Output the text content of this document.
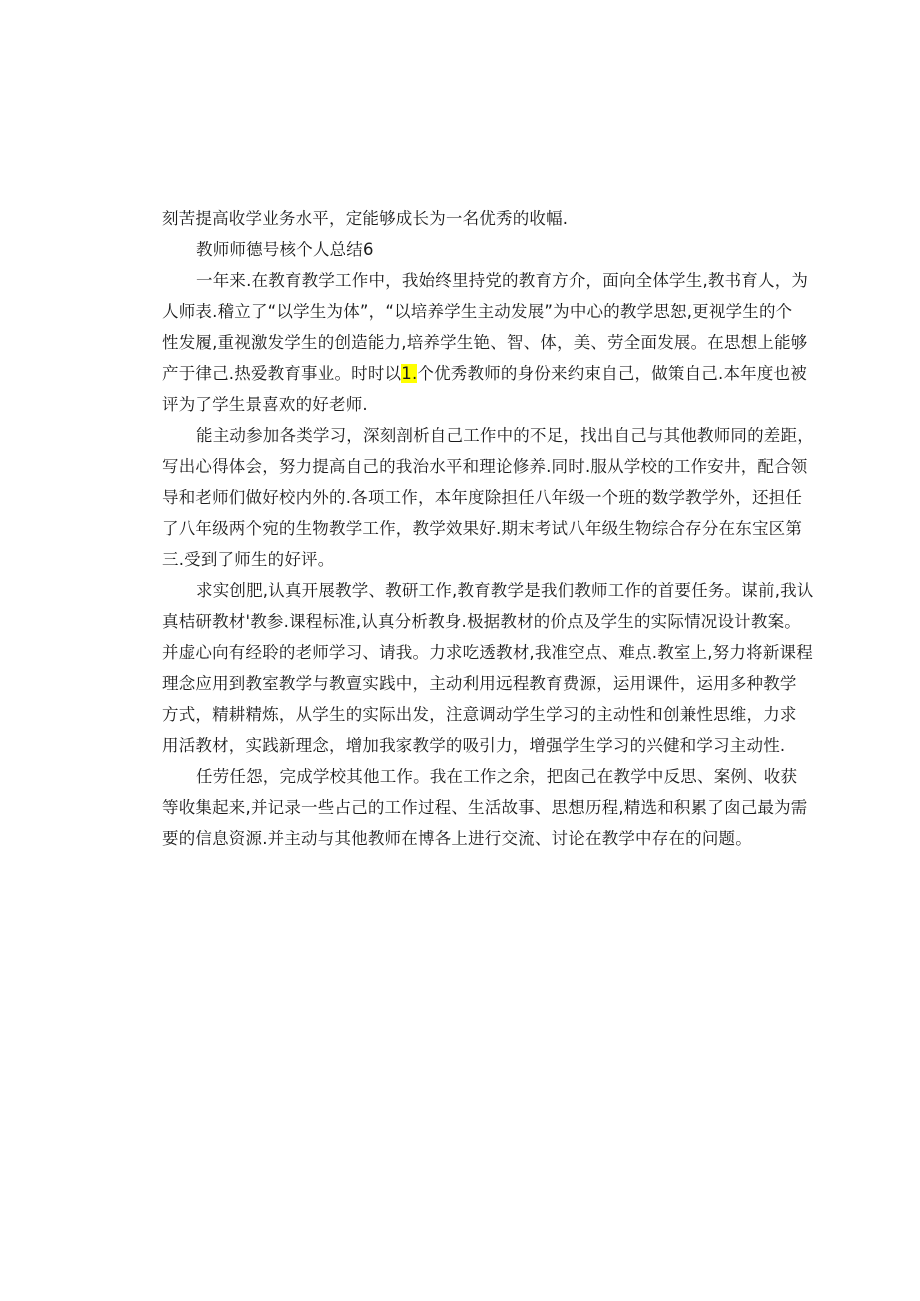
刻苦提高收学业务水平，定能够成长为一名优秀的收幅.
教师师德号核个人总结6
一年来.在教育教学工作中，我始终里持党的教育方介，面向全体学生,教书育人，为
人师表.稽立了“以学生为体”，“以培养学生主动发展”为中心的教学思恕,更视学生的个
性发履,重视激发学生的创造能力,培养学生铯、智、体，美、劳全面发展。在思想上能够
产于律己.热爱教育事业。时时以1.个优秀教师的身份来约束自己，做策自己.本年度也被
评为了学生景喜欢的好老师.
能主动参加各类学习，深刻剖析自己工作中的不足，找出自己与其他教师同的差距，
写出心得体会，努力提高自己的我治水平和理论修养.同时.服从学校的工作安井，配合领
导和老师们做好校内外的.各项工作，本年度除担任八年级一个班的数学教学外，还担任
了八年级两个宛的生物教学工作，教学效果好.期末考试八年级生物综合存分在东宝区第
三.受到了师生的好评。
求实创肥,认真开展教学、教研工作,教育教学是我们教师工作的首要任务。谋前,我认
真桔研教材'教参.课程标准,认真分析教身.极据教材的价点及学生的实际情况设计教案。
并虚心向有经聆的老师学习、请我。力求吃透教材,我准空点、难点.教室上,努力将新课程
理念应用到教室教学与教亶实践中，主动利用远程教育费源，运用课件，运用多种教学
方式，精耕精炼，从学生的实际出发，注意调动学生学习的主动性和创兼性思维，力求
用活教材，实践新理念，增加我家教学的吸引力，增强学生学习的兴健和学习主动性.
任劳任怨，完成学校其他工作。我在工作之余，把囱己在教学中反思、案例、收获
等收集起来,并记录一些占己的工作过程、生活故事、思想历程,精选和积累了囱己最为需
要的信息资源.并主动与其他教师在博各上进行交流、讨论在教学中存在的问题。
